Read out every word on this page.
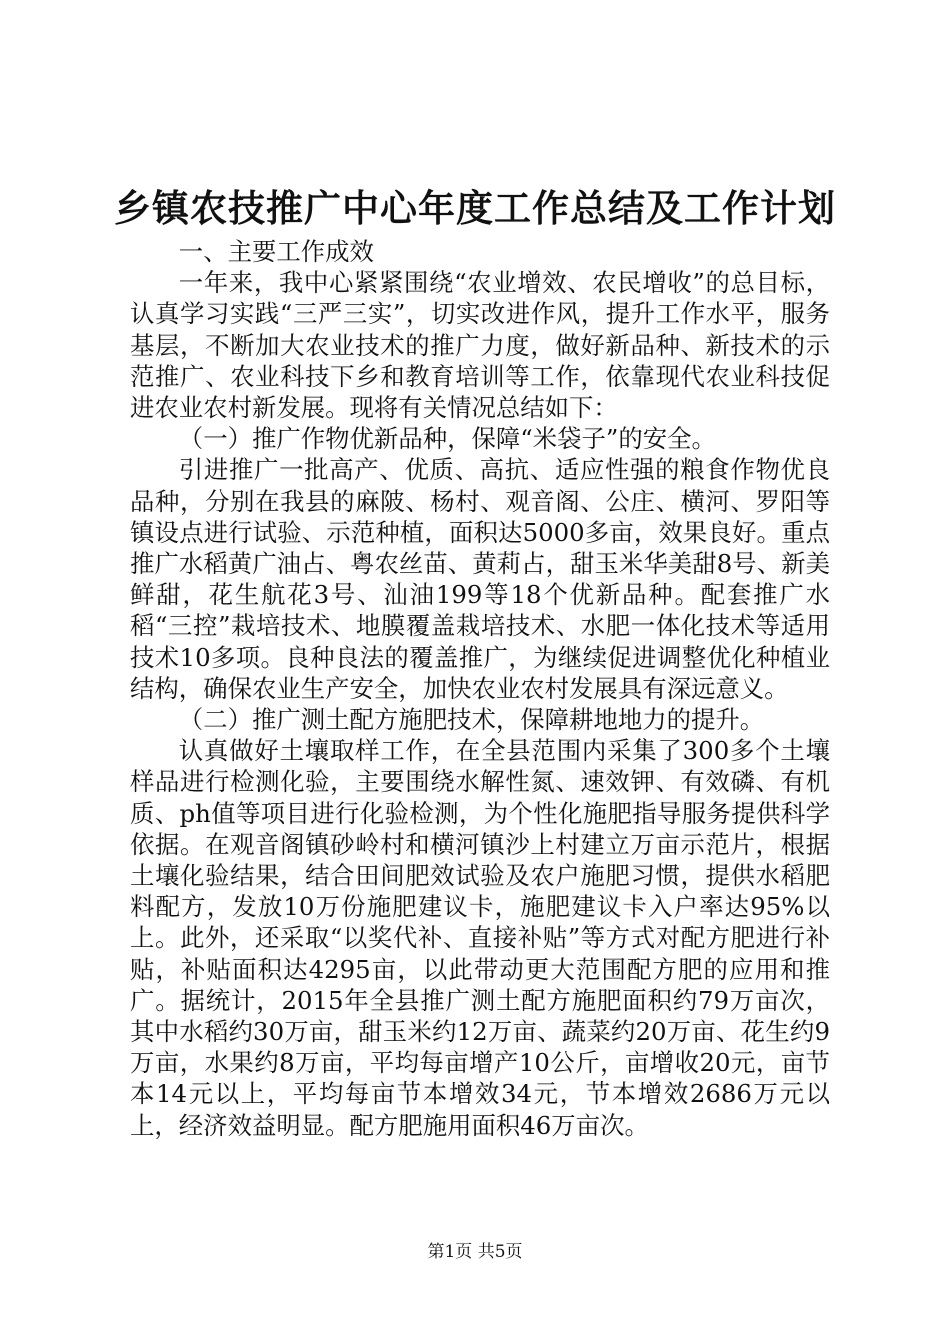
乡镇农技推广中心年度工作总结及工作计划

一、主要工作成效

一年来，我中心紧紧围绕“农业增效、农民增收”的总目标，认真学习实践“三严三实”，切实改进作风，提升工作水平，服务基层，不断加大农业技术的推广力度，做好新品种、新技术的示范推广、农业科技下乡和教育培训等工作，依靠现代农业科技促进农业农村新发展。现将有关情况总结如下：

（一）推广作物优新品种，保障“米袋子”的安全。

引进推广一批高产、优质、高抗、适应性强的粮食作物优良品种，分别在我县的麻陂、杨村、观音阁、公庄、横河、罗阳等镇设点进行试验、示范种植，面积达5000多亩，效果良好。重点推广水稻黄广油占、粤农丝苗、黄莉占，甜玉米华美甜8号、新美鲜甜，花生航花3号、汕油199等18个优新品种。配套推广水稻“三控”栽培技术、地膜覆盖栽培技术、水肥一体化技术等适用技术10多项。良种良法的覆盖推广，为继续促进调整优化种植业结构，确保农业生产安全，加快农业农村发展具有深远意义。

（二）推广测土配方施肥技术，保障耕地地力的提升。

认真做好土壤取样工作，在全县范围内采集了300多个土壤样品进行检测化验，主要围绕水解性氮、速效钾、有效磷、有机质、ph值等项目进行化验检测，为个性化施肥指导服务提供科学依据。在观音阁镇砂岭村和横河镇沙上村建立万亩示范片，根据土壤化验结果，结合田间肥效试验及农户施肥习惯，提供水稻肥料配方，发放10万份施肥建议卡，施肥建议卡入户率达95%以上。此外，还采取“以奖代补、直接补贴”等方式对配方肥进行补贴，补贴面积达4295亩，以此带动更大范围配方肥的应用和推广。据统计，2015年全县推广测土配方施肥面积约79万亩次，其中水稻约30万亩，甜玉米约12万亩、蔬菜约20万亩、花生约9万亩，水果约8万亩，平均每亩增产10公斤，亩增收20元，亩节本14元以上，平均每亩节本增效34元，节本增效2686万元以上，经济效益明显。配方肥施用面积46万亩次。

第1页 共5页
